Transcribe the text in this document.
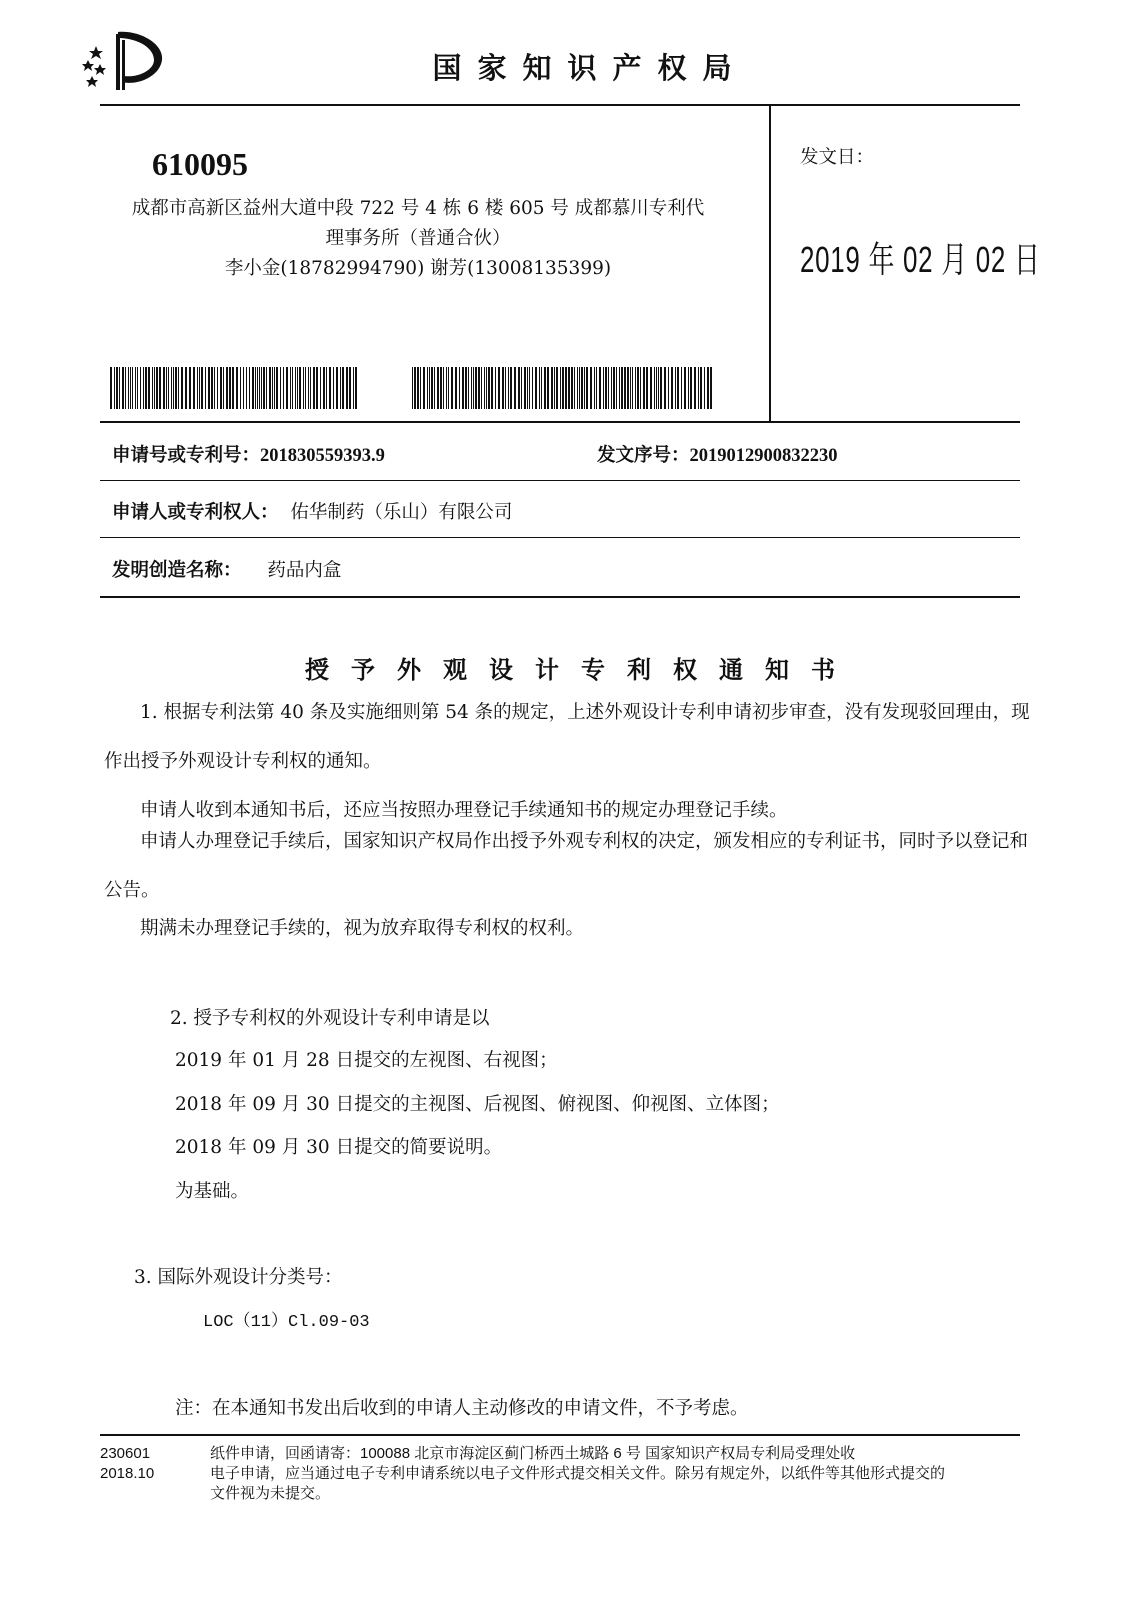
国家知识产权局
610095
成都市高新区益州大道中段 722 号 4 栋 6 楼 605 号 成都慕川专利代
理事务所（普通合伙）
李小金(18782994790) 谢芳(13008135399)
发文日：
2019 年 02 月 02 日
申请号或专利号：201830559393.9	发文序号：2019012900832230
申请人或专利权人： 佑华制药（乐山）有限公司
发明创造名称： 药品内盒
授予外观设计专利权通知书
1. 根据专利法第 40 条及实施细则第 54 条的规定，上述外观设计专利申请初步审查，没有发现驳回理由，现作出授予外观设计专利权的通知。
申请人收到本通知书后，还应当按照办理登记手续通知书的规定办理登记手续。
申请人办理登记手续后，国家知识产权局作出授予外观专利权的决定，颁发相应的专利证书，同时予以登记和公告。
期满未办理登记手续的，视为放弃取得专利权的权利。
2. 授予专利权的外观设计专利申请是以
2019 年 01 月 28 日提交的左视图、右视图；
2018 年 09 月 30 日提交的主视图、后视图、俯视图、仰视图、立体图；
2018 年 09 月 30 日提交的简要说明。
为基础。
3. 国际外观设计分类号：
LOC（11）Cl.09-03
注：在本通知书发出后收到的申请人主动修改的申请文件，不予考虑。
230601
2018.10
纸件申请，回函请寄：100088 北京市海淀区蓟门桥西土城路 6 号 国家知识产权局专利局受理处收
电子申请，应当通过电子专利申请系统以电子文件形式提交相关文件。除另有规定外，以纸件等其他形式提交的
文件视为未提交。
